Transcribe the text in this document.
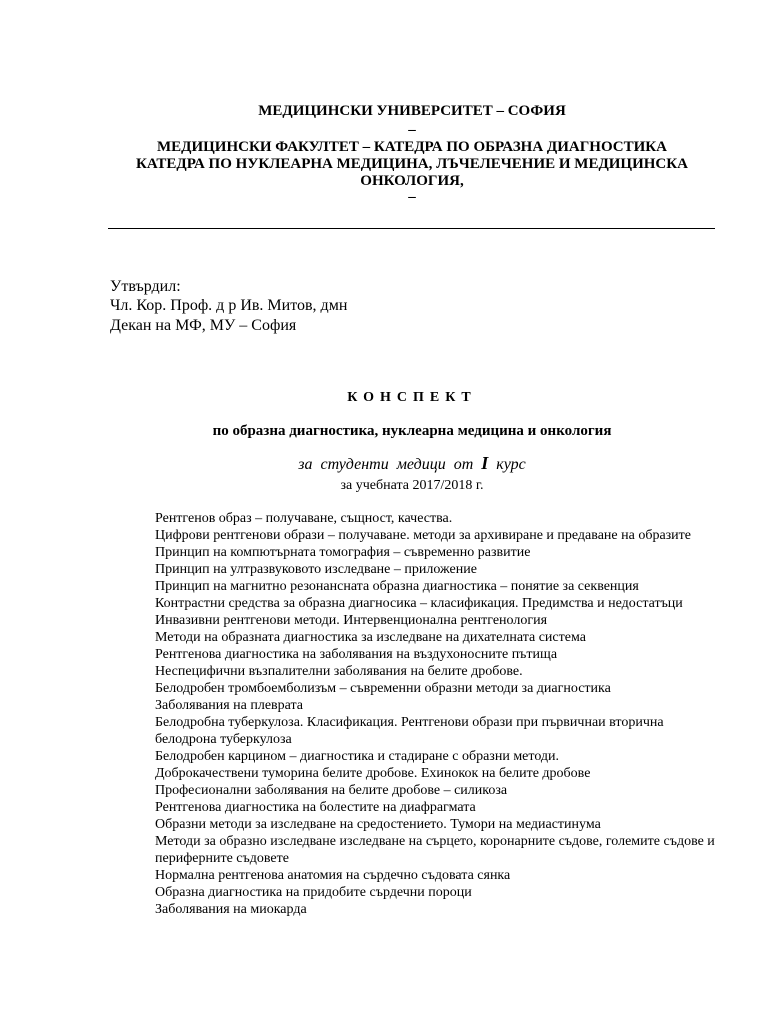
МЕДИЦИНСКИ УНИВЕРСИТЕТ – СОФИЯ
–
МЕДИЦИНСКИ ФАКУЛТЕТ – КАТЕДРА ПО ОБРАЗНА ДИАГНОСТИКА
КАТЕДРА ПО НУКЛЕАРНА МЕДИЦИНА, ЛЪЧЕЛЕЧЕНИЕ И МЕДИЦИНСКА
ОНКОЛОГИЯ,
–
Утвърдил:
Чл. Кор. Проф. д р Ив. Митов, дмн
Декан на МФ, МУ – София
КОНСПЕКТ
по образна диагностика, нуклеарна медицина и онкология
за студенти медици от I курс
за учебната 2017/2018 г.
Рентгенов образ – получаване, същност, качества.
Цифрови рентгенови образи – получаване. методи за архивиране и предаване на образите
Принцип на компютърната томография – съвременно развитие
Принцип на ултразвуковото изследване – приложение
Принцип на магнитно резонансната образна диагностика – понятие за секвенция
Контрастни средства за образна диагносика – класификация. Предимства и недостатъци
Инвазивни рентгенови методи. Интервенционална рентгенология
Методи на образната диагностика за изследване на дихателната система
Рентгенова диагностика на заболявания на въздухоносните пътища
Неспецифични възпалителни заболявания на белите дробове.
Белодробен тромбоемболизъм – съвременни образни методи за диагностика
Заболявания на плеврата
Белодробна туберкулоза. Класификация. Рентгенови образи при първичнаи вторична белодрона туберкулоза
Белодробен карцином – диагностика и стадиране с образни методи.
Доброкачествени туморина белите дробове. Ехинокок на белите дробове
Професионални заболявания на белите дробове – силикоза
Рентгенова диагностика на болестите на диафрагмата
Образни методи за изследване на средостението. Тумори на медиастинума
Методи за образно изследване изследване на сърцето, коронарните съдове, големите съдове и периферните съдовете
Нормална рентгенова анатомия на сърдечно съдовата сянка
Образна диагностика на придобите сърдечни пороци
Заболявания на миокарда
